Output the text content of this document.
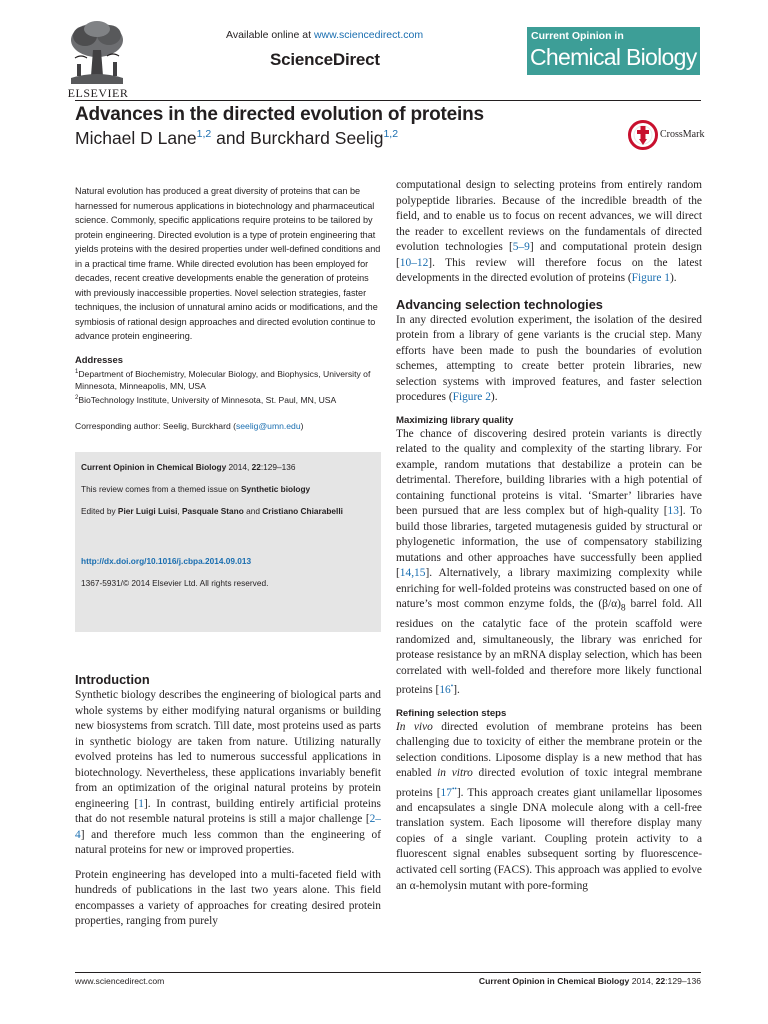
ELSEVIER
Available online at www.sciencedirect.com
ScienceDirect
Current Opinion in
Chemical Biology
Advances in the directed evolution of proteins
Michael D Lane$^{1,2}$ and Burckhard Seelig$^{1,2}$	CrossMark

Natural evolution has produced a great diversity of proteins that can be harnessed for numerous applications in biotechnology and pharmaceutical science. Commonly, specific applications require proteins to be tailored by protein engineering. Directed evolution is a type of protein engineering that yields proteins with the desired properties under well-defined conditions and in a practical time frame. While directed evolution has been employed for decades, recent creative developments enable the generation of proteins with previously inaccessible properties. Novel selection strategies, faster techniques, the inclusion of unnatural amino acids or modifications, and the symbiosis of rational design approaches and directed evolution continue to advance protein engineering.

Addresses

$^1$Department of Biochemistry, Molecular Biology, and Biophysics, University of Minnesota, Minneapolis, MN, USA

$^2$BioTechnology Institute, University of Minnesota, St. Paul, MN, USA

Corresponding author: Seelig, Burckhard (seelig@umn.edu)

Current Opinion in Chemical Biology 2014, 22:129–136

This review comes from a themed issue on Synthetic biology

Edited by Pier Luigi Luisi, Pasquale Stano and Cristiano Chiarabelli

http://dx.doi.org/10.1016/j.cbpa.2014.09.013

1367-5931/© 2014 Elsevier Ltd. All rights reserved.

Introduction

Synthetic biology describes the engineering of biological parts and whole systems by either modifying natural organisms or building new biosystems from scratch. Till date, most proteins used as parts in synthetic biology are taken from nature. Utilizing naturally evolved proteins has led to numerous successful applications in biotechnology. Nevertheless, these applications invariably benefit from an optimization of the original natural proteins by protein engineering [1]. In contrast, building entirely artificial proteins that do not resemble natural proteins is still a major challenge [2–4] and therefore much less common than the engineering of natural proteins for new or improved properties.

Protein engineering has developed into a multi-faceted field with hundreds of publications in the last two years alone. This field encompasses a variety of approaches for creating desired protein properties, ranging from purely

computational design to selecting proteins from entirely random polypeptide libraries. Because of the incredible breadth of the field, and to enable us to focus on recent advances, we will direct the reader to excellent reviews on the fundamentals of directed evolution technologies [5–9] and computational protein design [10–12]. This review will therefore focus on the latest developments in the directed evolution of proteins (Figure 1).

Advancing selection technologies

In any directed evolution experiment, the isolation of the desired protein from a library of gene variants is the crucial step. Many efforts have been made to push the boundaries of evolution schemes, attempting to create better protein libraries, new selection systems with improved features, and faster selection procedures (Figure 2).

Maximizing library quality

The chance of discovering desired protein variants is directly related to the quality and complexity of the starting library. For example, random mutations that destabilize a protein can be detrimental. Therefore, building libraries with a high potential of containing functional proteins is vital. ‘Smarter’ libraries have been pursued that are less complex but of high-quality [13]. To build those libraries, targeted mutagenesis guided by structural or phylogenetic information, the use of compensatory stabilizing mutations and other approaches have successfully been applied [14,15]. Alternatively, a library maximizing complexity while enriching for well-folded proteins was constructed based on one of nature’s most common enzyme folds, the $(\beta/\alpha)_8$ barrel fold. All residues on the catalytic face of the protein scaffold were randomized and, simultaneously, the library was enriched for protease resistance by an mRNA display selection, which has been correlated with well-folded and therefore more likely functional proteins [16•].

Refining selection steps

In vivo directed evolution of membrane proteins has been challenging due to toxicity of either the membrane protein or the selection conditions. Liposome display is a new method that has enabled in vitro directed evolution of toxic integral membrane proteins [17••]. This approach creates giant unilamellar liposomes and encapsulates a single DNA molecule along with a cell-free translation system. Each liposome will therefore display many copies of a single variant. Coupling protein activity to a fluorescent signal enables subsequent sorting by fluorescence-activated cell sorting (FACS). This approach was applied to evolve an α-hemolysin mutant with pore-forming

www.sciencedirect.com	Current Opinion in Chemical Biology 2014, 22:129–136
